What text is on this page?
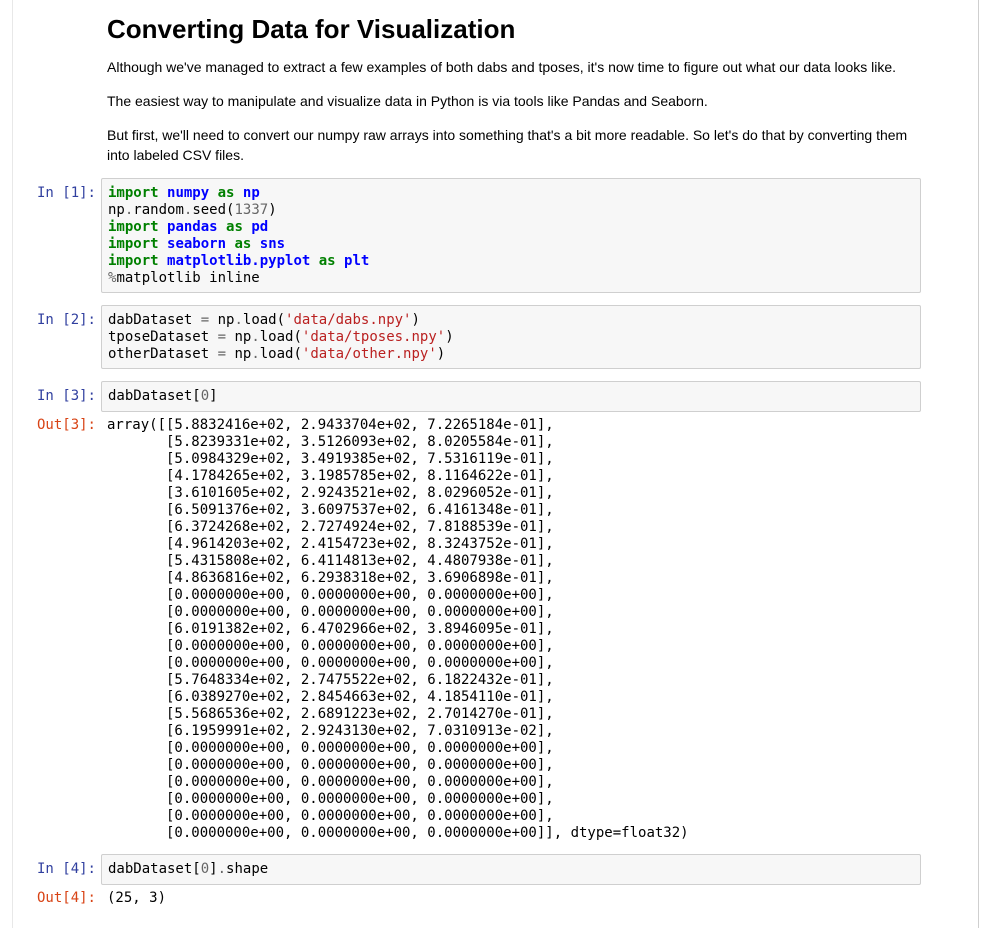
Converting Data for Visualization

Although we've managed to extract a few examples of both dabs and tposes, it's now time to figure out what our data looks like.

The easiest way to manipulate and visualize data in Python is via tools like Pandas and Seaborn.

But first, we'll need to convert our numpy raw arrays into something that's a bit more readable. So let's do that by converting them into labeled CSV files.

In [1]: import numpy as np
np.random.seed(1337)
import pandas as pd
import seaborn as sns
import matplotlib.pyplot as plt
%matplotlib inline
In [2]: dabDataset = np.load('data/dabs.npy')
tposeDataset = np.load('data/tposes.npy')
otherDataset = np.load('data/other.npy')
In [3]: dabDataset[0]
Out[3]: array([[5.8832416e+02, 2.9433704e+02, 7.2265184e-01],
[5.8239331e+02, 3.5126093e+02, 8.0205584e-01],
[5.0984329e+02, 3.4919385e+02, 7.5316119e-01],
[4.1784265e+02, 3.1985785e+02, 8.1164622e-01],
[3.6101605e+02, 2.9243521e+02, 8.0296052e-01],
[6.5091376e+02, 3.6097537e+02, 6.4161348e-01],
[6.3724268e+02, 2.7274924e+02, 7.8188539e-01],
[4.9614203e+02, 2.4154723e+02, 8.3243752e-01],
[5.4315808e+02, 6.4114813e+02, 4.4807938e-01],
[4.8636816e+02, 6.2938318e+02, 3.6906898e-01],
[0.0000000e+00, 0.0000000e+00, 0.0000000e+00],
[0.0000000e+00, 0.0000000e+00, 0.0000000e+00],
[6.0191382e+02, 6.4702966e+02, 3.8946095e-01],
[0.0000000e+00, 0.0000000e+00, 0.0000000e+00],
[0.0000000e+00, 0.0000000e+00, 0.0000000e+00],
[5.7648334e+02, 2.7475522e+02, 6.1822432e-01],
[6.0389270e+02, 2.8454663e+02, 4.1854110e-01],
[5.5686536e+02, 2.6891223e+02, 2.7014270e-01],
[6.1959991e+02, 2.9243130e+02, 7.0310913e-02],
[0.0000000e+00, 0.0000000e+00, 0.0000000e+00],
[0.0000000e+00, 0.0000000e+00, 0.0000000e+00],
[0.0000000e+00, 0.0000000e+00, 0.0000000e+00],
[0.0000000e+00, 0.0000000e+00, 0.0000000e+00],
[0.0000000e+00, 0.0000000e+00, 0.0000000e+00],
[0.0000000e+00, 0.0000000e+00, 0.0000000e+00]], dtype=float32)
In [4]: dabDataset[0].shape
Out[4]: (25, 3)
